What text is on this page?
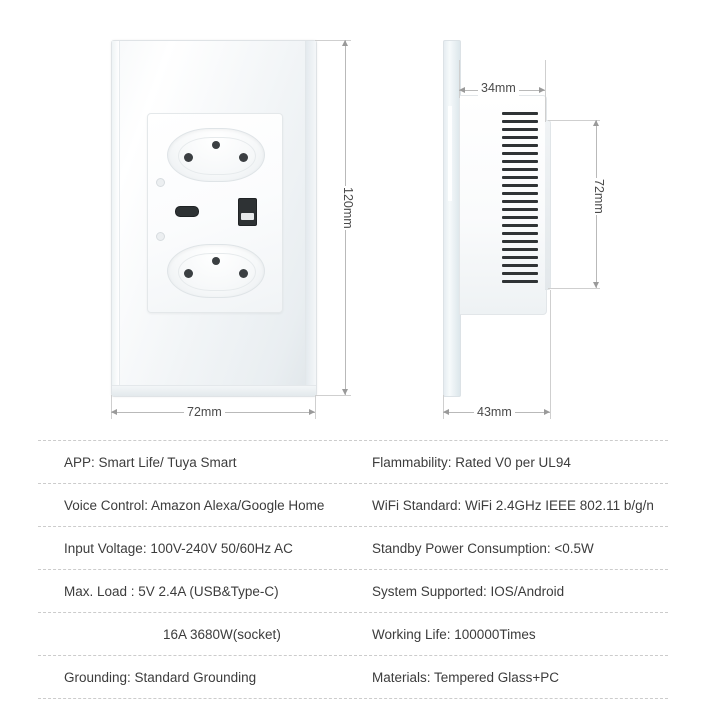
120mm
72mm
34mm
72mm
43mm
APP: Smart Life/ Tuya Smart	Flammability: Rated V0 per UL94
Voice Control: Amazon Alexa/Google Home	WiFi Standard: WiFi 2.4GHz IEEE 802.11 b/g/n
Input Voltage: 100V-240V 50/60Hz AC	Standby Power Consumption: <0.5W
Max. Load : 5V 2.4A (USB&Type-C)	System Supported: IOS/Android
16A 3680W(socket)	Working Life: 100000Times
Grounding: Standard Grounding	Materials: Tempered Glass+PC
